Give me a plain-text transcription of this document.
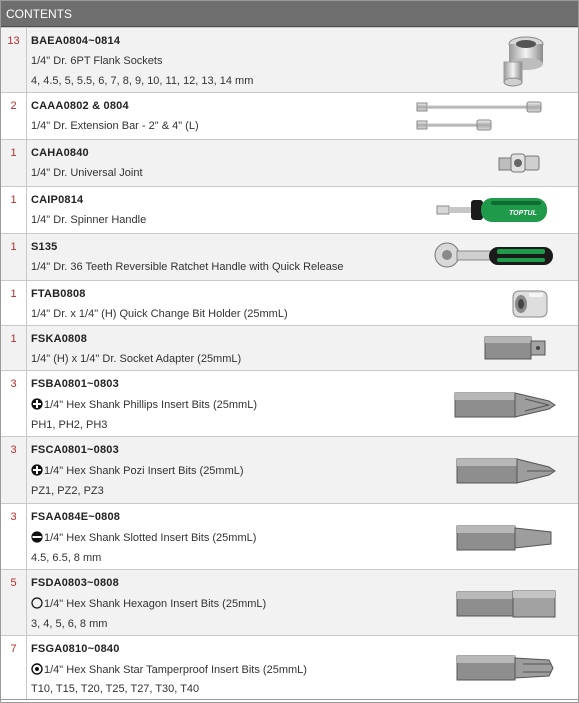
CONTENTS
13	BAEA0804~0814
1/4" Dr. 6PT Flank Sockets
4, 4.5, 5, 5.5, 6, 7, 8, 9, 10, 11, 12, 13, 14 mm
2	CAAA0802 & 0804
1/4" Dr. Extension Bar - 2" & 4" (L)
1	CAHA0840
1/4" Dr. Universal Joint
1	CAIP0814
1/4" Dr. Spinner Handle
TOPTUL
1	S135
1/4" Dr. 36 Teeth Reversible Ratchet Handle with Quick Release
1	FTAB0808
1/4" Dr. x 1/4" (H) Quick Change Bit Holder (25mmL)
1	FSKA0808
1/4" (H) x 1/4" Dr. Socket Adapter (25mmL)
3	FSBA0801~0803
1/4" Hex Shank Phillips Insert Bits (25mmL)
PH1, PH2, PH3
3	FSCA0801~0803
1/4" Hex Shank Pozi Insert Bits (25mmL)
PZ1, PZ2, PZ3
3	FSAA084E~0808
1/4" Hex Shank Slotted Insert Bits (25mmL)
4.5, 6.5, 8 mm
5	FSDA0803~0808
1/4" Hex Shank Hexagon Insert Bits (25mmL)
3, 4, 5, 6, 8 mm
7	FSGA0810~0840
1/4" Hex Shank Star Tamperproof Insert Bits (25mmL)
T10, T15, T20, T25, T27, T30, T40
